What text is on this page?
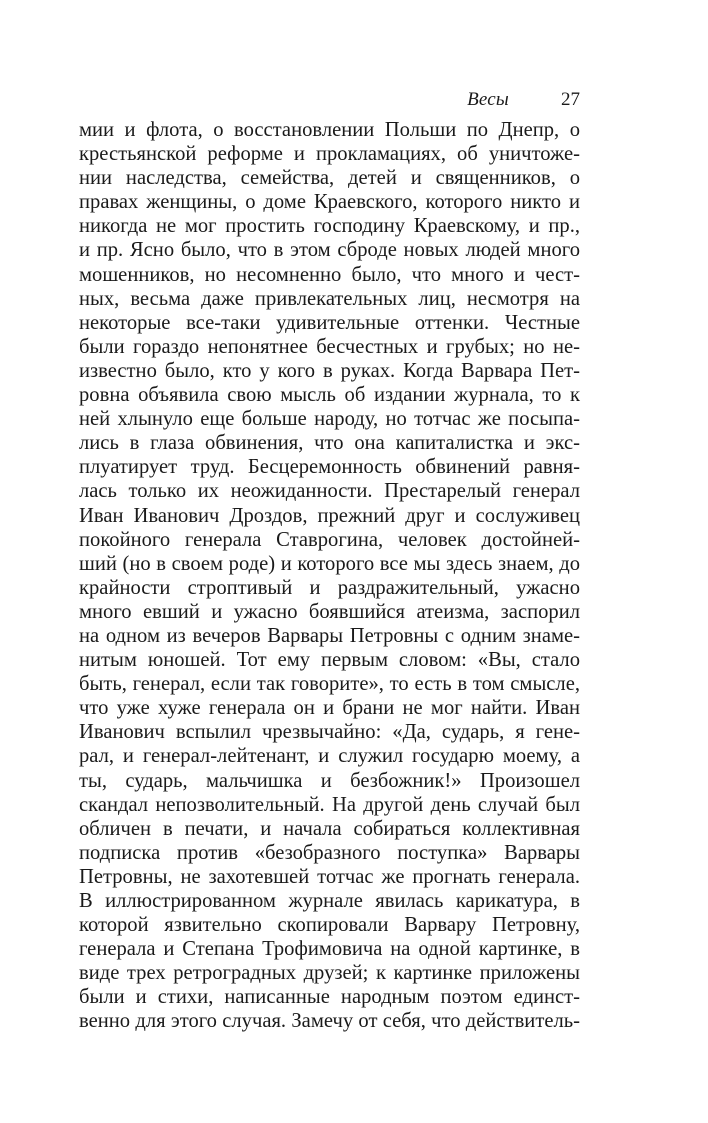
Весы	27
мии и флота, о восстановлении Польши по Днепр, о
крестьянской реформе и прокламациях, об уничтоже-
нии наследства, семейства, детей и священников, о
правах женщины, о доме Краевского, которого никто и
никогда не мог простить господину Краевскому, и пр.,
и пр. Ясно было, что в этом сброде новых людей много
мошенников, но несомненно было, что много и чест-
ных, весьма даже привлекательных лиц, несмотря на
некоторые все-таки удивительные оттенки. Честные
были гораздо непонятнее бесчестных и грубых; но не-
известно было, кто у кого в руках. Когда Варвара Пет-
ровна объявила свою мысль об издании журнала, то к
ней хлынуло еще больше народу, но тотчас же посыпа-
лись в глаза обвинения, что она капиталистка и экс-
плуатирует труд. Бесцеремонность обвинений равня-
лась только их неожиданности. Престарелый генерал
Иван Иванович Дроздов, прежний друг и сослуживец
покойного генерала Ставрогина, человек достойней-
ший (но в своем роде) и которого все мы здесь знаем, до
крайности строптивый и раздражительный, ужасно
много евший и ужасно боявшийся атеизма, заспорил
на одном из вечеров Варвары Петровны с одним знаме-
нитым юношей. Тот ему первым словом: «Вы, стало
быть, генерал, если так говорите», то есть в том смысле,
что уже хуже генерала он и брани не мог найти. Иван
Иванович вспылил чрезвычайно: «Да, сударь, я гене-
рал, и генерал-лейтенант, и служил государю моему, а
ты, сударь, мальчишка и безбожник!» Произошел
скандал непозволительный. На другой день случай был
обличен в печати, и начала собираться коллективная
подписка против «безобразного поступка» Варвары
Петровны, не захотевшей тотчас же прогнать генерала.
В иллюстрированном журнале явилась карикатура, в
которой язвительно скопировали Варвару Петровну,
генерала и Степана Трофимовича на одной картинке, в
виде трех ретроградных друзей; к картинке приложены
были и стихи, написанные народным поэтом единст-
венно для этого случая. Замечу от себя, что действитель-
